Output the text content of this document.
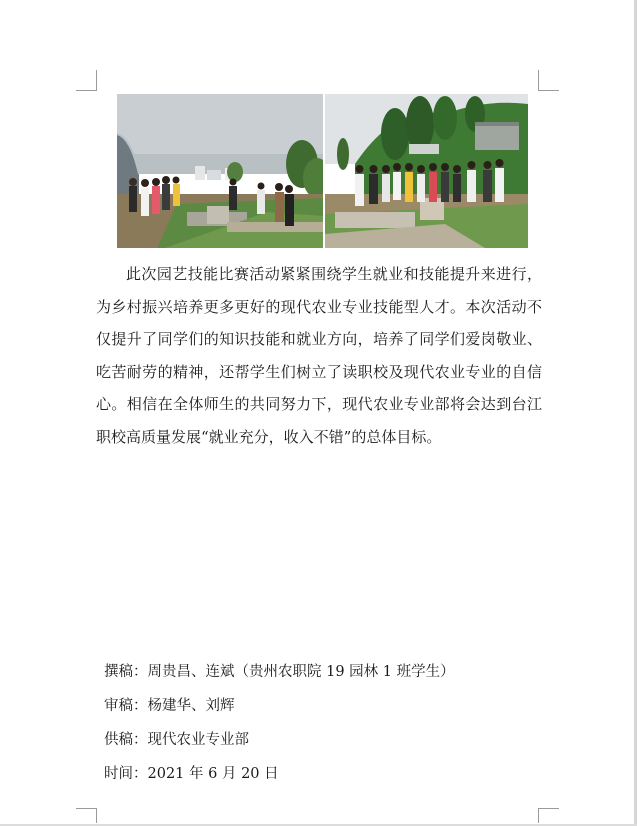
此次园艺技能比赛活动紧紧围绕学生就业和技能提升来进行，为乡村振兴培养更多更好的现代农业专业技能型人才。本次活动不仅提升了同学们的知识技能和就业方向，培养了同学们爱岗敬业、吃苦耐劳的精神，还帮学生们树立了读职校及现代农业专业的自信心。相信在全体师生的共同努力下，现代农业专业部将会达到台江职校高质量发展“就业充分，收入不错”的总体目标。

撰稿：周贵昌、连斌（贵州农职院 19 园林 1 班学生）

审稿：杨建华、刘辉

供稿：现代农业专业部

时间：2021 年 6 月 20 日
